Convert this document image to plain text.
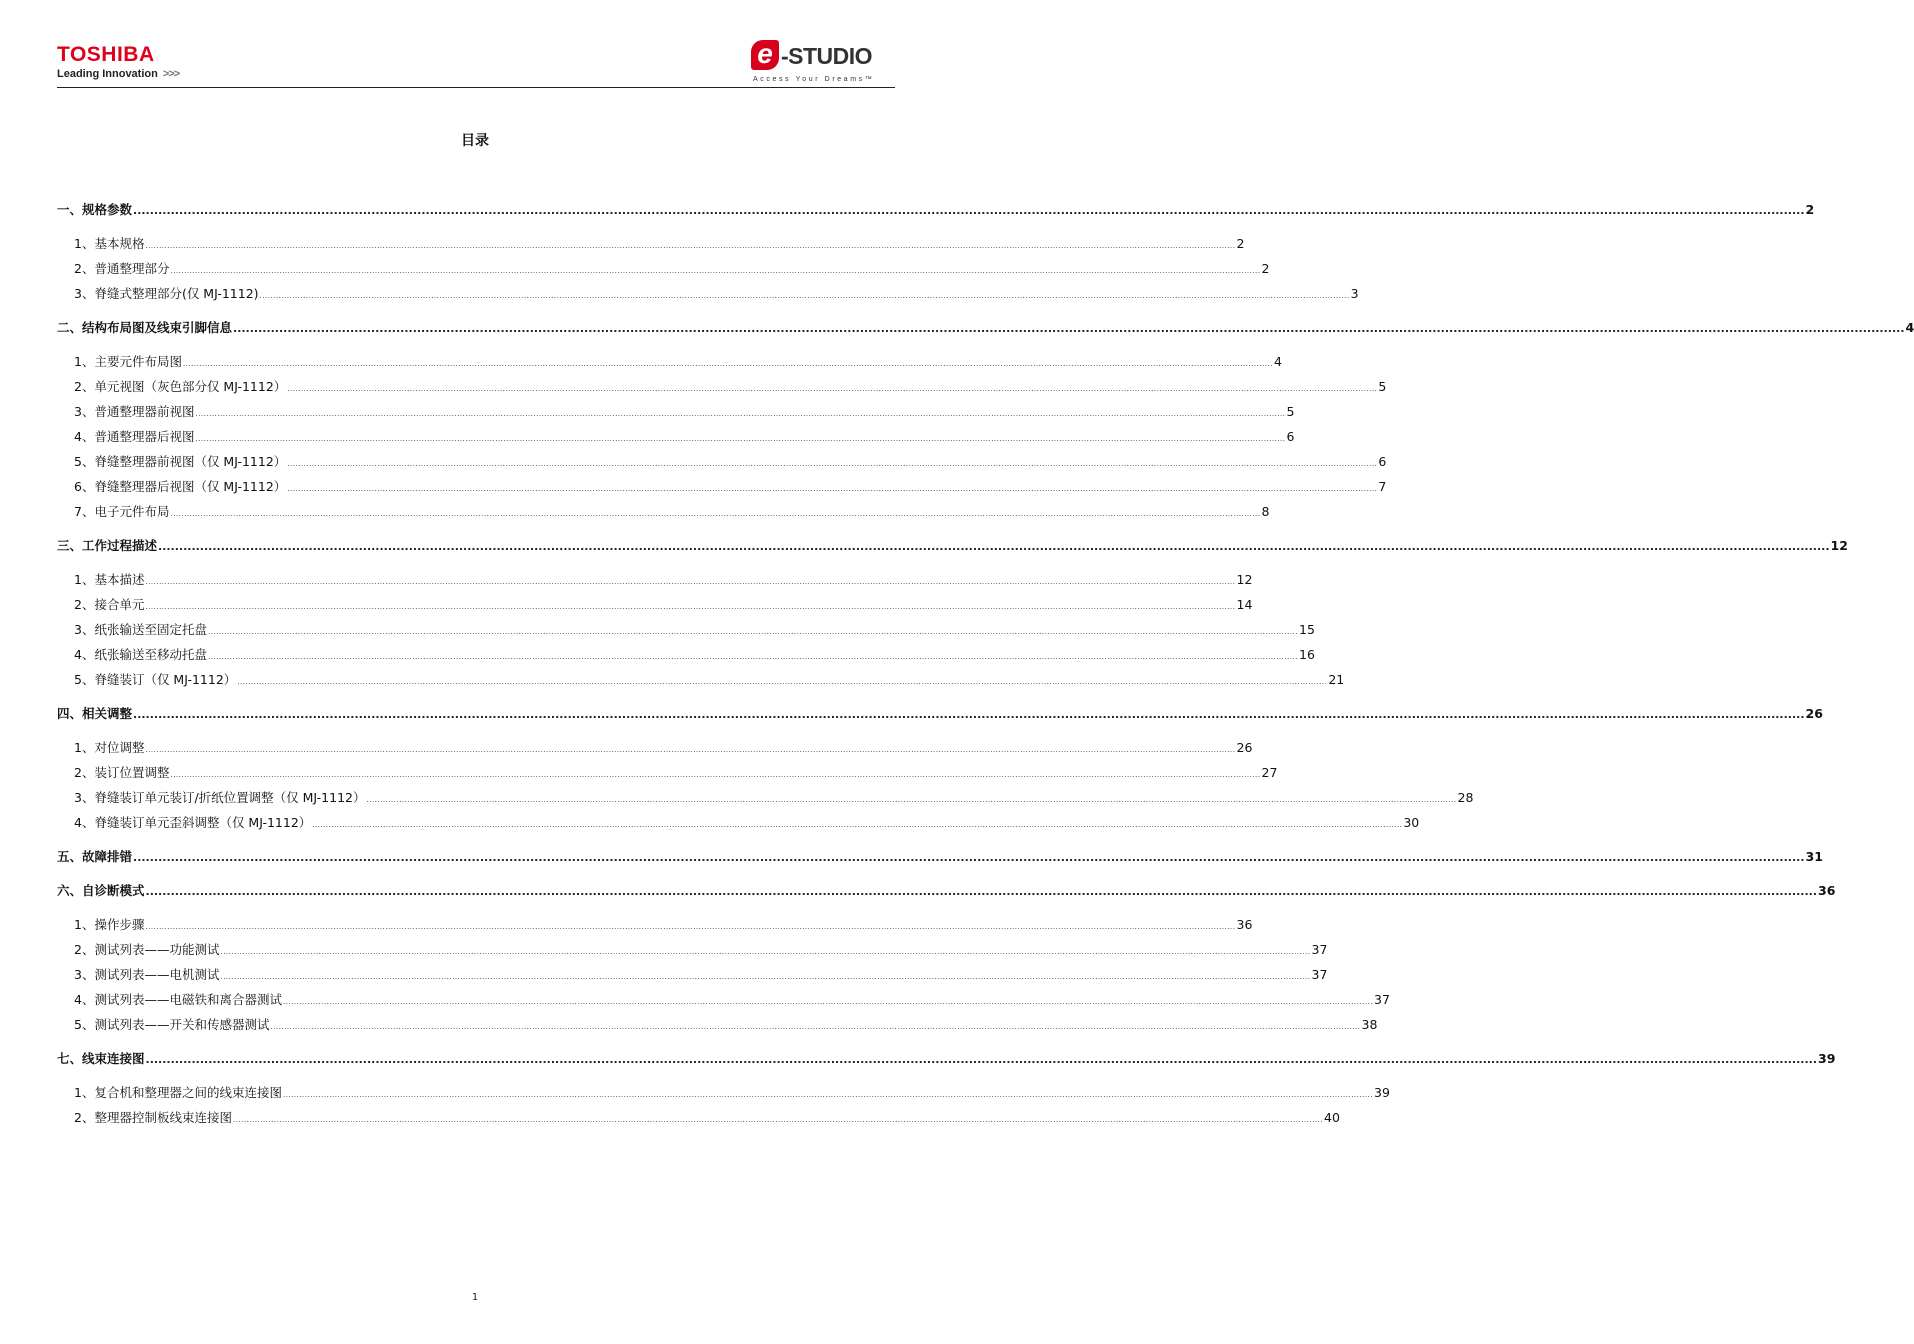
TOSHIBA
Leading Innovation >>>
e -STUDIO
Access Your Dreams™
目录
一、规格参数 ................................................................................................................................................................................................................................................................................................................................................................................................................ 2
1、基本规格 ................................................................................................................................................................................................................................................................................................................................................................................................................ 2
2、普通整理部分 ................................................................................................................................................................................................................................................................................................................................................................................................................ 2
3、脊缝式整理部分(仅 MJ-1112) ................................................................................................................................................................................................................................................................................................................................................................................................................ 3
二、结构布局图及线束引脚信息 ................................................................................................................................................................................................................................................................................................................................................................................................................ 4
1、主要元件布局图 ................................................................................................................................................................................................................................................................................................................................................................................................................ 4
2、单元视图（灰色部分仅 MJ-1112） ................................................................................................................................................................................................................................................................................................................................................................................................................ 5
3、普通整理器前视图 ................................................................................................................................................................................................................................................................................................................................................................................................................ 5
4、普通整理器后视图 ................................................................................................................................................................................................................................................................................................................................................................................................................ 6
5、脊缝整理器前视图（仅 MJ-1112） ................................................................................................................................................................................................................................................................................................................................................................................................................ 6
6、脊缝整理器后视图（仅 MJ-1112） ................................................................................................................................................................................................................................................................................................................................................................................................................ 7
7、电子元件布局 ................................................................................................................................................................................................................................................................................................................................................................................................................ 8
三、工作过程描述 ................................................................................................................................................................................................................................................................................................................................................................................................................ 12
1、基本描述 ................................................................................................................................................................................................................................................................................................................................................................................................................ 12
2、接合单元 ................................................................................................................................................................................................................................................................................................................................................................................................................ 14
3、纸张输送至固定托盘 ................................................................................................................................................................................................................................................................................................................................................................................................................ 15
4、纸张输送至移动托盘 ................................................................................................................................................................................................................................................................................................................................................................................................................ 16
5、脊缝装订（仅 MJ-1112） ................................................................................................................................................................................................................................................................................................................................................................................................................ 21
四、相关调整 ................................................................................................................................................................................................................................................................................................................................................................................................................ 26
1、对位调整 ................................................................................................................................................................................................................................................................................................................................................................................................................ 26
2、装订位置调整 ................................................................................................................................................................................................................................................................................................................................................................................................................ 27
3、脊缝装订单元装订/折纸位置调整（仅 MJ-1112） ................................................................................................................................................................................................................................................................................................................................................................................................................ 28
4、脊缝装订单元歪斜调整（仅 MJ-1112） ................................................................................................................................................................................................................................................................................................................................................................................................................ 30
五、故障排错 ................................................................................................................................................................................................................................................................................................................................................................................................................ 31
六、自诊断模式 ................................................................................................................................................................................................................................................................................................................................................................................................................ 36
1、操作步骤 ................................................................................................................................................................................................................................................................................................................................................................................................................ 36
2、测试列表——功能测试 ................................................................................................................................................................................................................................................................................................................................................................................................................ 37
3、测试列表——电机测试 ................................................................................................................................................................................................................................................................................................................................................................................................................ 37
4、测试列表——电磁铁和离合器测试 ................................................................................................................................................................................................................................................................................................................................................................................................................ 37
5、测试列表——开关和传感器测试 ................................................................................................................................................................................................................................................................................................................................................................................................................ 38
七、线束连接图 ................................................................................................................................................................................................................................................................................................................................................................................................................ 39
1、复合机和整理器之间的线束连接图 ................................................................................................................................................................................................................................................................................................................................................................................................................ 39
2、整理器控制板线束连接图 ................................................................................................................................................................................................................................................................................................................................................................................................................ 40
1
